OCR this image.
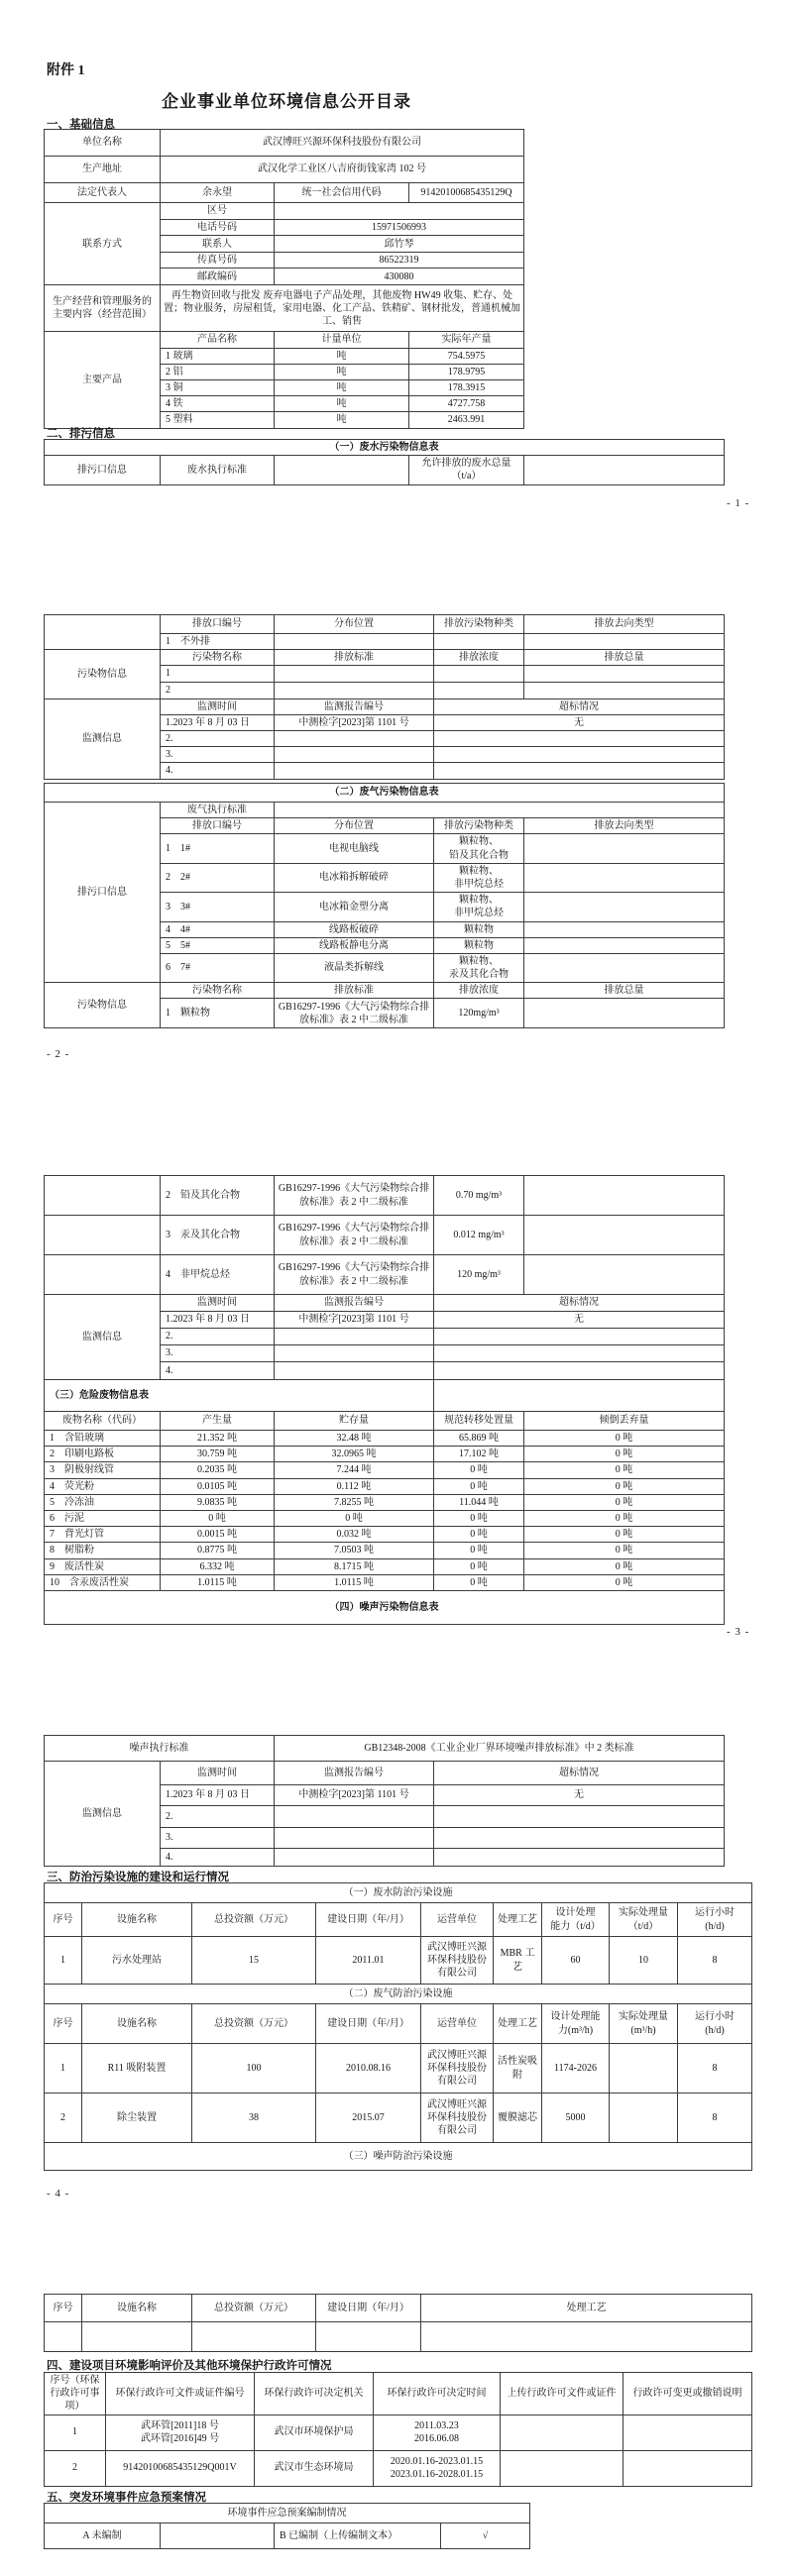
附件 1
企业事业单位环境信息公开目录
一、基础信息
单位名称	武汉博旺兴源环保科技股份有限公司		
生产地址	武汉化学工业区八吉府街钱家湾 102 号		
法定代表人	余永望	统一社会信用代码	91420100685435129Q
联系方式	区号		
	电话号码	15971506993	
	联系人	邱竹琴	
	传真号码	86522319	
	邮政编码	430080	
生产经营和管理服务的
主要内容（经营范围）	再生物资回收与批发 废弃电器电子产品处理，其他废物 HW49 收集、贮存、处置；物业服务，房屋租赁，家用电器、化工产品、铁精矿、钢材批发，普通机械加工、销售		
主要产品	产品名称	计量单位	实际年产量
	1 玻璃	吨	754.5975
	2 铝	吨	178.9795
	3 铜	吨	178.3915
	4 铁	吨	4727.758
	5 塑料	吨	2463.991
二、排污信息
（一）废水污染物信息表
排污口信息	废水执行标准		允许排放的废水总量
（t/a）	
- 1 -
	排放口编号	分布位置	排放污染物种类	排放去向类型
	1　不外排			
污染物信息	污染物名称	排放标准	排放浓度	排放总量
	1			
	2			
监测信息	监测时间	监测报告编号	超标情况	
	1.2023 年 8 月 03 日	中测检字[2023]第 1101 号	无	
	2.			
	3.			
	4.			
（二）废气污染物信息表				
排污口信息	废气执行标准			
	排放口编号	分布位置	排放污染物种类	排放去向类型
	1　1#	电视电脑线	颗粒物、
铅及其化合物	
	2　2#	电冰箱拆解破碎	颗粒物、
非甲烷总烃	
	3　3#	电冰箱金塑分离	颗粒物、
非甲烷总烃	
	4　4#	线路板破碎	颗粒物	
	5　5#	线路板静电分离	颗粒物	
	6　7#	液晶类拆解线	颗粒物、
汞及其化合物	
污染物信息	污染物名称	排放标准	排放浓度	排放总量
	1　颗粒物	GB16297-1996《大气污染物综合排放标准》表 2 中二级标准	120mg/m³	
- 2 -
	2　铅及其化合物	GB16297-1996《大气污染物综合排放标准》表 2 中二级标准	0.70 mg/m³	
	3　汞及其化合物	GB16297-1996《大气污染物综合排放标准》表 2 中二级标准	0.012 mg/m³	
	4　非甲烷总烃	GB16297-1996《大气污染物综合排放标准》表 2 中二级标准	120 mg/m³	
监测信息	监测时间	监测报告编号	超标情况	
	1.2023 年 8 月 03 日	中测检字[2023]第 1101 号	无	
	2.			
	3.			
	4.			
（三）危险废物信息表				
废物名称（代码）	产生量	贮存量	规范转移处置量	倾倒丢弃量
1　含铅玻璃	21.352 吨	32.48 吨	65.869 吨	0 吨
2　印刷电路板	30.759 吨	32.0965 吨	17.102 吨	0 吨
3　阴极射线管	0.2035 吨	7.244 吨	0 吨	0 吨
4　荧光粉	0.0105 吨	0.112 吨	0 吨	0 吨
5　冷冻油	9.0835 吨	7.8255 吨	11.044 吨	0 吨
6　污泥	0 吨	0 吨	0 吨	0 吨
7　背光灯管	0.0015 吨	0.032 吨	0 吨	0 吨
8　树脂粉	0.8775 吨	7.0503 吨	0 吨	0 吨
9　废活性炭	6.332 吨	8.1715 吨	0 吨	0 吨
10　含汞废活性炭	1.0115 吨	1.0115 吨	0 吨	0 吨
（四）噪声污染物信息表				
- 3 -
噪声执行标准		GB12348-2008《工业企业厂界环境噪声排放标准》中 2 类标准	
监测信息	监测时间	监测报告编号	超标情况
	1.2023 年 8 月 03 日	中测检字[2023]第 1101 号	无
	2.		
	3.		
	4.		
三、防治污染设施的建设和运行情况
（一）废水防治污染设施								
序号	设施名称	总投资额（万元）	建设日期（年/月）	运营单位	处理工艺	设计处理
能力（t/d）	实际处理量
（t/d）	运行小时
(h/d)
1	污水处理站	15	2011.01	武汉博旺兴源
环保科技股份
有限公司	MBR 工艺	60	10	8
（二）废气防治污染设施								
序号	设施名称	总投资额（万元）	建设日期（年/月）	运营单位	处理工艺	设计处理能
力(m³/h)	实际处理量
(m³/h)	运行小时
(h/d)
1	R11 吸附装置	100	2010.08.16	武汉博旺兴源
环保科技股份
有限公司	活性炭吸附	1174-2026		8
2	除尘装置	38	2015.07	武汉博旺兴源
环保科技股份
有限公司	覆膜滤芯	5000		8
（三）噪声防治污染设施								
- 4 -
序号	设施名称	总投资额（万元）	建设日期（年/月）	处理工艺

四、建设项目环境影响评价及其他环境保护行政许可情况
序号（环保行政许可事项）	环保行政许可文件或证件编号	环保行政许可决定机关	环保行政许可决定时间	上传行政许可文件或证件	行政许可变更或撤销说明
1	武环管[2011]18 号
武环管[2016]49 号	武汉市环境保护局	2011.03.23
2016.06.08		
2	91420100685435129Q001V	武汉市生态环境局	2020.01.16-2023.01.15
2023.01.16-2028.01.15		
五、突发环境事件应急预案情况
环境事件应急预案编制情况
A 未编制		B 已编制（上传编制文本）	√
